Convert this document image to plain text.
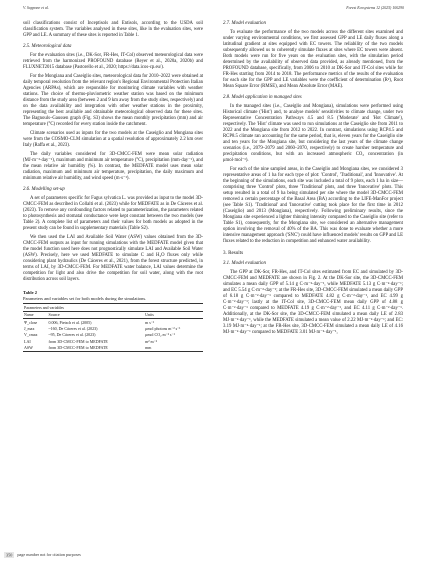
V. Sappone et al.	Forest Ecosystems 12 (2025) 100290

soil classifications consist of Inceptisols and Entisols, according to the USDA soil classification system. The variables analysed in these sites, like in the evaluation sites, were GPP and LE. A summary of these sites is reported in Table 1.

2.5. Meteorological data

For the evaluation sites (i.e., DK-Sor, FR-Hes, IT-Col) observed meteorological data were retrieved from the harmonized PROFOUND database (Reyer et al., 2020a, 2020b) and FLUXNET2015 database (Pastorello et al., 2020; https://data.icos-cp.eu/).

For the Mongiana and Caseiglio sites, meteorological data for 2010–2022 were obtained at daily temporal resolution from the relevant region's Regional Environmental Protection Italian Agencies (ARPAs), which are responsible for monitoring climate variables with weather stations. The choice of thermo-pluviometric weather station was based on the minimum distance from the study area (between 2 and 9 km away from the study sites, respectively) and on the data availability and integration with other weather stations in the proximity, representing the best available and obtainable meteorological observed data for these sites. The Bagnouls–Gaussen graph (Fig. S3) shows the mean monthly precipitation (mm) and air temperature (°C) recorded for every station inside the catchment.

Climate scenarios used as inputs for the two models at the Caseiglio and Mongiana sites were from the COSMO-CLM simulation at a spatial resolution of approximately 2.2 km over Italy (Raffa et al., 2023).

The daily variables considered for 3D-CMCC-FEM were mean solar radiation (MJ·m⁻²·day⁻¹), maximum and minimum air temperature (°C), precipitation (mm·day⁻¹), and the mean relative air humidity (%). In contrast, the MEDFATE model uses mean solar radiation, maximum and minimum air temperature, precipitation, the daily maximum and minimum relative air humidity, and wind speed (m·s⁻¹).

2.6. Modelling set-up

A set of parameters specific for Fagus sylvatica L. was provided as input to the model 3D-CMCC-FEM as described in Collalti et al. (2023) while for MEDFATE as in De Cáceres et al. (2023). To remove any confounding factors related to parameterization, the parameters related to photosynthesis and stomatal conductance were kept constant between the two models (see Table 2). A complete list of parameters and their values for both models as adopted in the present study can be found in supplementary materials (Table S2).

We then used the LAI and Available Soil Water (ASW) values obtained from the 3D-CMCC-FEM outputs as input for running simulations with the MEDFATE model given that the model function used here does not prognostically simulate LAI and Available Soil Water (ASW). Precisely, here we used MEDFATE to simulate C and H₂O fluxes only while considering plant hydraulics (De Cáceres et al., 2021), from the forest structure predicted, in terms of LAI, by 3D-CMCC-FEM. For MEDFATE water balance, LAI values determine the competition for light and also drive the competition for soil water, along with the root distribution across soil layers.

Table 2
Parameters and variables set for both models during the simulations.
Parameters and variables		
Name	Source	Units
Ψ_close	0.006, Pietsch et al. (2005)	m s⁻¹
J_max	~160, De Cáceres et al. (2023)	μmol photons m⁻² s⁻¹
V_cmax	~95, De Cáceres et al. (2023)	μmol CO₂ m⁻² s⁻¹
LAI	from 3D-CMCC-FEM to MEDFATE	m² m⁻²
ASW	from 3D-CMCC-FEM to MEDFATE	mm
2.7. Model evaluation

To evaluate the performance of the two models across the different sites examined and under varying environmental conditions, we first assessed GPP and LE daily fluxes along a latitudinal gradient at sites equipped with EC towers. The reliability of the two models subsequently allowed us to coherently simulate fluxes at sites where EC towers were absent. Both models were run for five years on the evaluation sites, with the simulation period determined by the availability of observed data provided, as already mentioned, from the PROFOUND database, specifically, from 2006 to 2010 at DK-Sor and IT-Col sites while for FR-Hes starting from 2014 to 2018. The performance metrics of the results of the evaluation for each site for the GPP and LE variables were the coefficient of determination (R²), Root Mean Square Error (RMSE), and Mean Absolute Error (MAE).

2.8. Model application in managed sites

In the managed sites (i.e., Caseiglio and Mongiana), simulations were performed using Historical climate ('Hist') and, to analyse models' sensitivities to climate change, under two Representative Concentration Pathways 4.5 and 8.5 ('Moderate' and 'Hot Climate'), respectively. The 'Hist' climate was used to run simulations at the Caseiglio site from 2011 to 2022 and the Mongiana site from 2012 to 2022. In contrast, simulations using RCP4.5 and RCP8.5 climate ran accounting for the same period, that is, eleven years for the Caseiglio site and ten years for the Mongiana site, but considering the last years of the climate change scenarios (i.e., 2079–2079 and 2060–2070, respectively) to create harsher temperature and precipitation conditions, but with an increased atmospheric CO₂ concentration (in μmol·mol⁻¹).

For each of the nine sampled areas, in the Caseiglio and Mongiana sites, we considered 3 representative areas of 1 ha for each type of plot: 'Control', 'Traditional', and 'Innovative'. At the beginning of the simulations, each site was included a total of 9 plots, each 1 ha in size—comprising three 'Control' plots, three 'Traditional' plots, and three 'Innovative' plots. This setup resulted in a total of 9 ha being simulated per site where the model 3D-CMCC-FEM removed a certain percentage of the Basal Area (BA) according to the LIFE-ManFor project (see Table S1). 'Traditional' and 'Innovative' cutting took place for the first time in 2012 (Caseiglio) and 2013 (Mongiana), respectively. Following preliminary results, since the Mongiana site experienced a lighter thinning intensity compared to the Caseiglio site (refer to Table S1), consequently, for the Mongiana site, we considered an alternative management option involving the removal of 40% of the BA. This was done to evaluate whether a more intensive management approach ('SNC') could have influenced models' results on GPP and LE fluxes related to the reduction in competition and enhanced water availability.

3. Results
3.1. Model evaluation

The GPP at DK-Sor, FR-Hes, and IT-Col sites estimated from EC and simulated by 3D-CMCC-FEM and MEDFATE are shown in Fig. 2. At the DK-Sor site, the 3D-CMCC-FEM simulates a mean daily GPP of 5.14 g C·m⁻²·day⁻¹, while MEDFATE 5.13 g C·m⁻²·day⁻¹; and EC 5.54 g C·m⁻²·day⁻¹; at the FR-Hes site, 3D-CMCC-FEM simulated a mean daily GPP of 6.18 g C·m⁻²·day⁻¹ compared to MEDFATE 4.82 g C·m⁻²·day⁻¹, and EC 4.99 g C·m⁻²·day⁻¹; lastly at the IT-Col site, 3D-CMCC-FEM mean daily GPP of 4.88 g C·m⁻²·day⁻¹ compared to MEDFATE 4.19 g C·m⁻²·day⁻¹, and EC 4.11 g C·m⁻²·day⁻¹. Additionally, at the DK-Sor site, the 3D-CMCC-FEM simulated a mean daily LE of 2.83 MJ·m⁻²·day⁻¹, while the MEDFATE simulated a mean value of 2.22 MJ·m⁻²·day⁻¹; and EC: 3.19 MJ·m⁻²·day⁻¹; at the FR-Hes site, 3D-CMCC-FEM simulated a mean daily LE of 4.16 MJ·m⁻²·day⁻¹ compared to MEDFATE 3.01 MJ·m⁻²·day⁻¹,

350 page number not for citation purposes
